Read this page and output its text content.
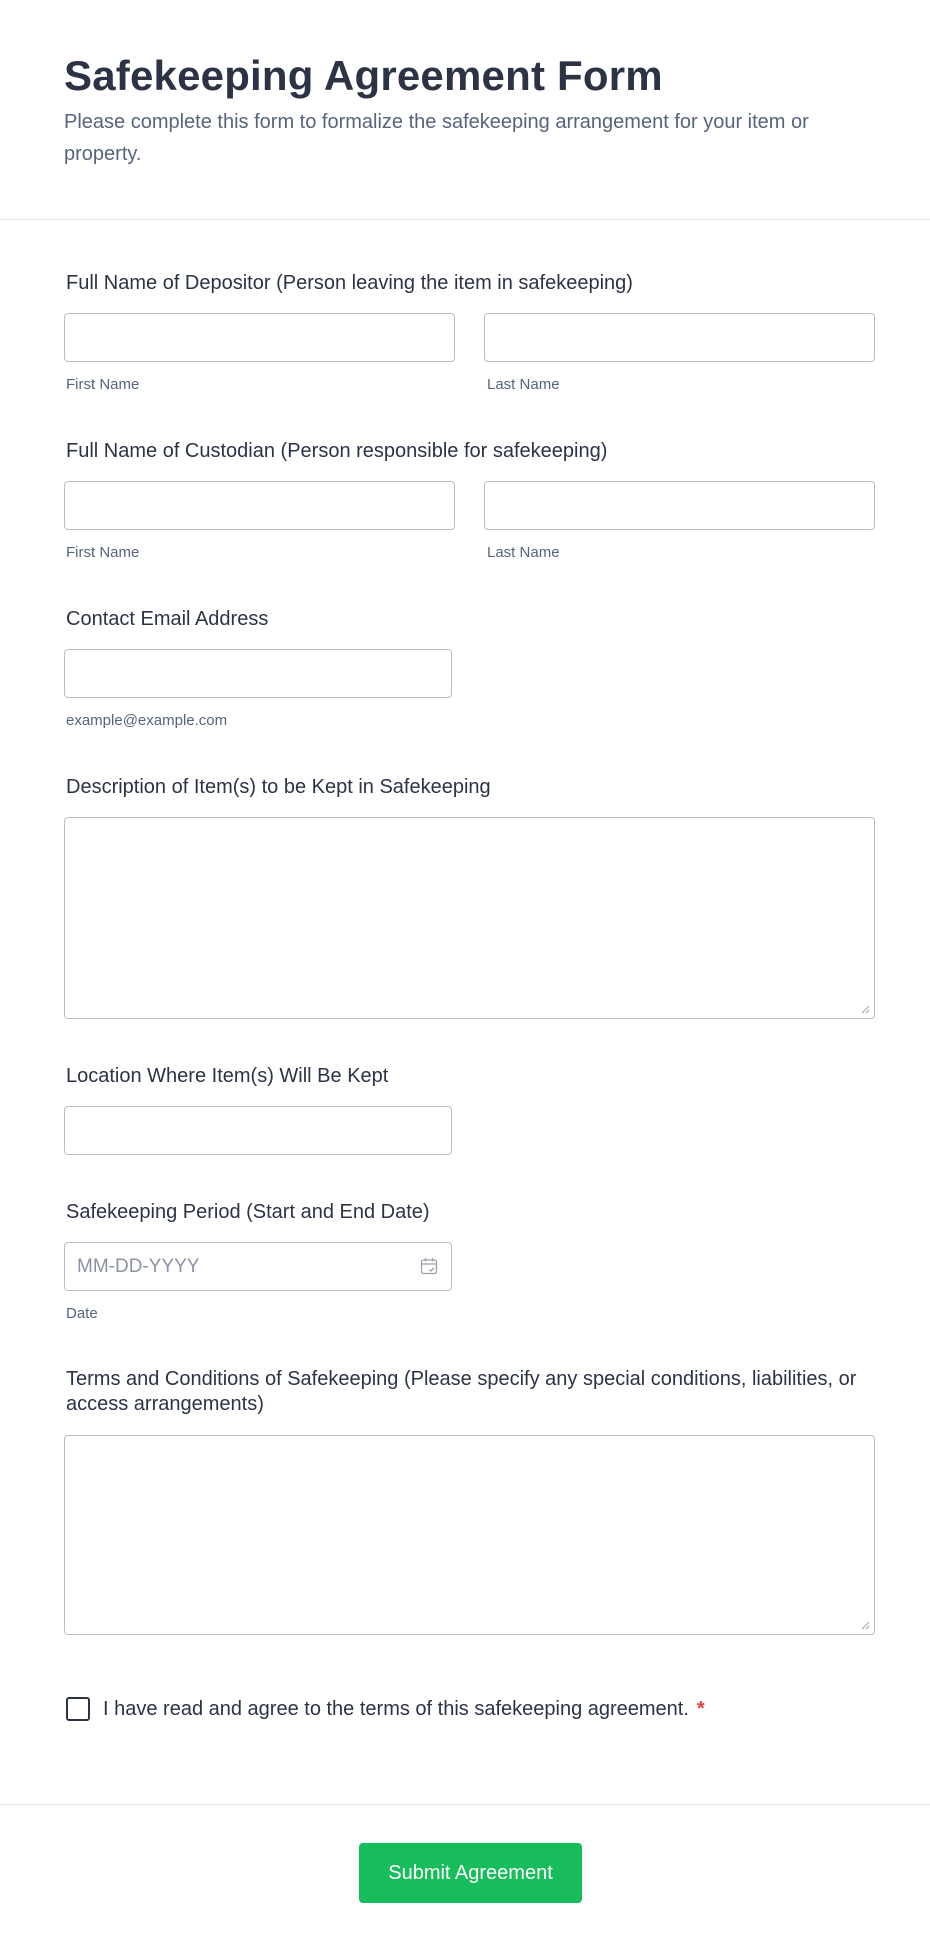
Safekeeping Agreement Form

Please complete this form to formalize the safekeeping arrangement for your item or property.

Full Name of Depositor (Person leaving the item in safekeeping)
First Name	Last Name
Full Name of Custodian (Person responsible for safekeeping)
First Name	Last Name
Contact Email Address
example@example.com
Description of Item(s) to be Kept in Safekeeping
Location Where Item(s) Will Be Kept
Safekeeping Period (Start and End Date)
MM-DD-YYYY
Date
Terms and Conditions of Safekeeping (Please specify any special conditions, liabilities, or access arrangements)
I have read and agree to the terms of this safekeeping agreement. *
Submit Agreement
